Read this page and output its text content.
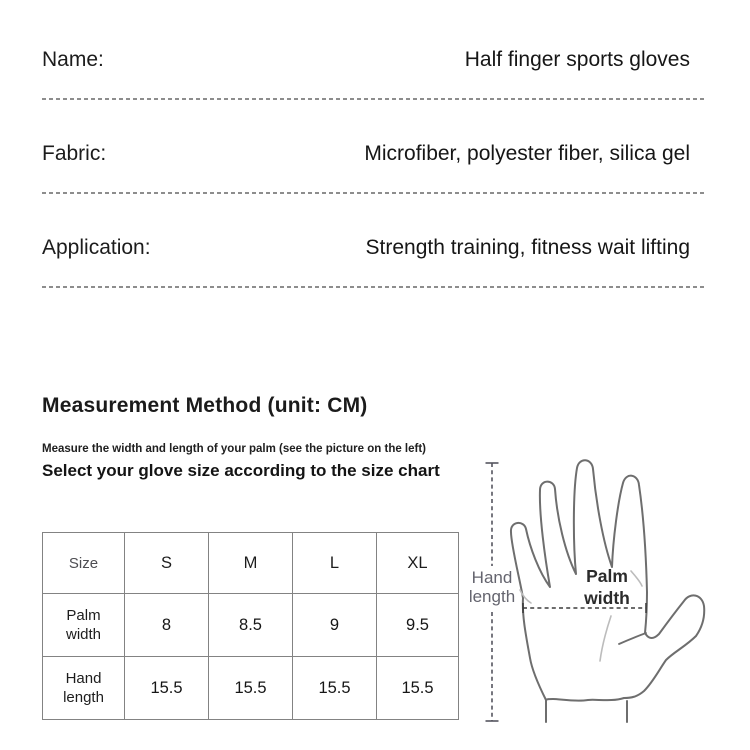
Name:	Half finger sports gloves
Fabric:	Microfiber, polyester fiber, silica gel
Application:	Strength training, fitness wait lifting
Measurement Method (unit: CM)

Measure the width and length of your palm (see the picture on the left)

Select your glove size according to the size chart

Size	S	M	L	XL
Palm width	8	8.5	9	9.5
Hand length	15.5	15.5	15.5	15.5
Hand
length
Palm
width
